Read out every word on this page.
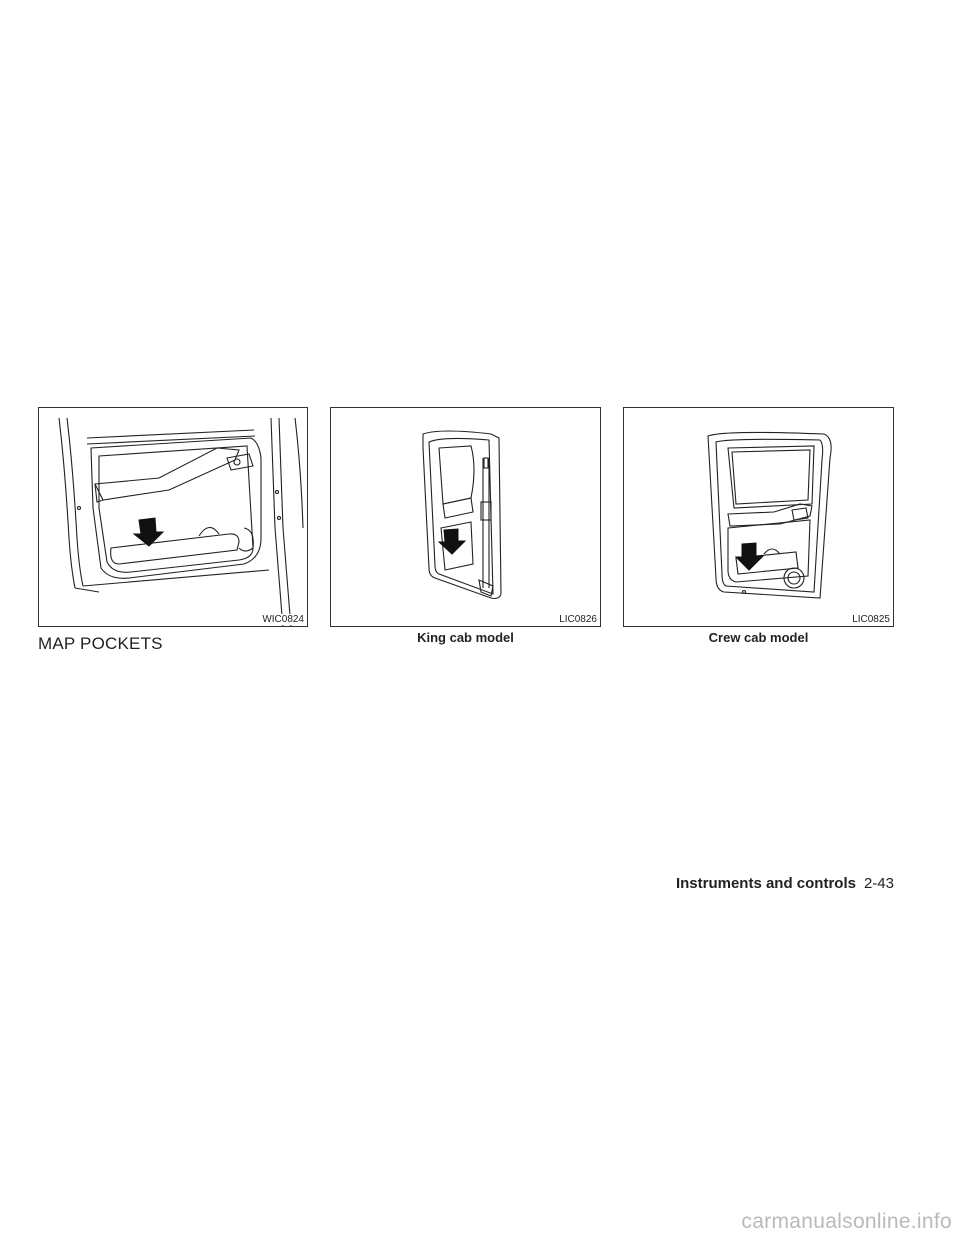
WIC0824	LIC0826	LIC0825
King cab model	Crew cab model
MAP POCKETS
Instruments and controls 2-43
carmanualsonline.info
